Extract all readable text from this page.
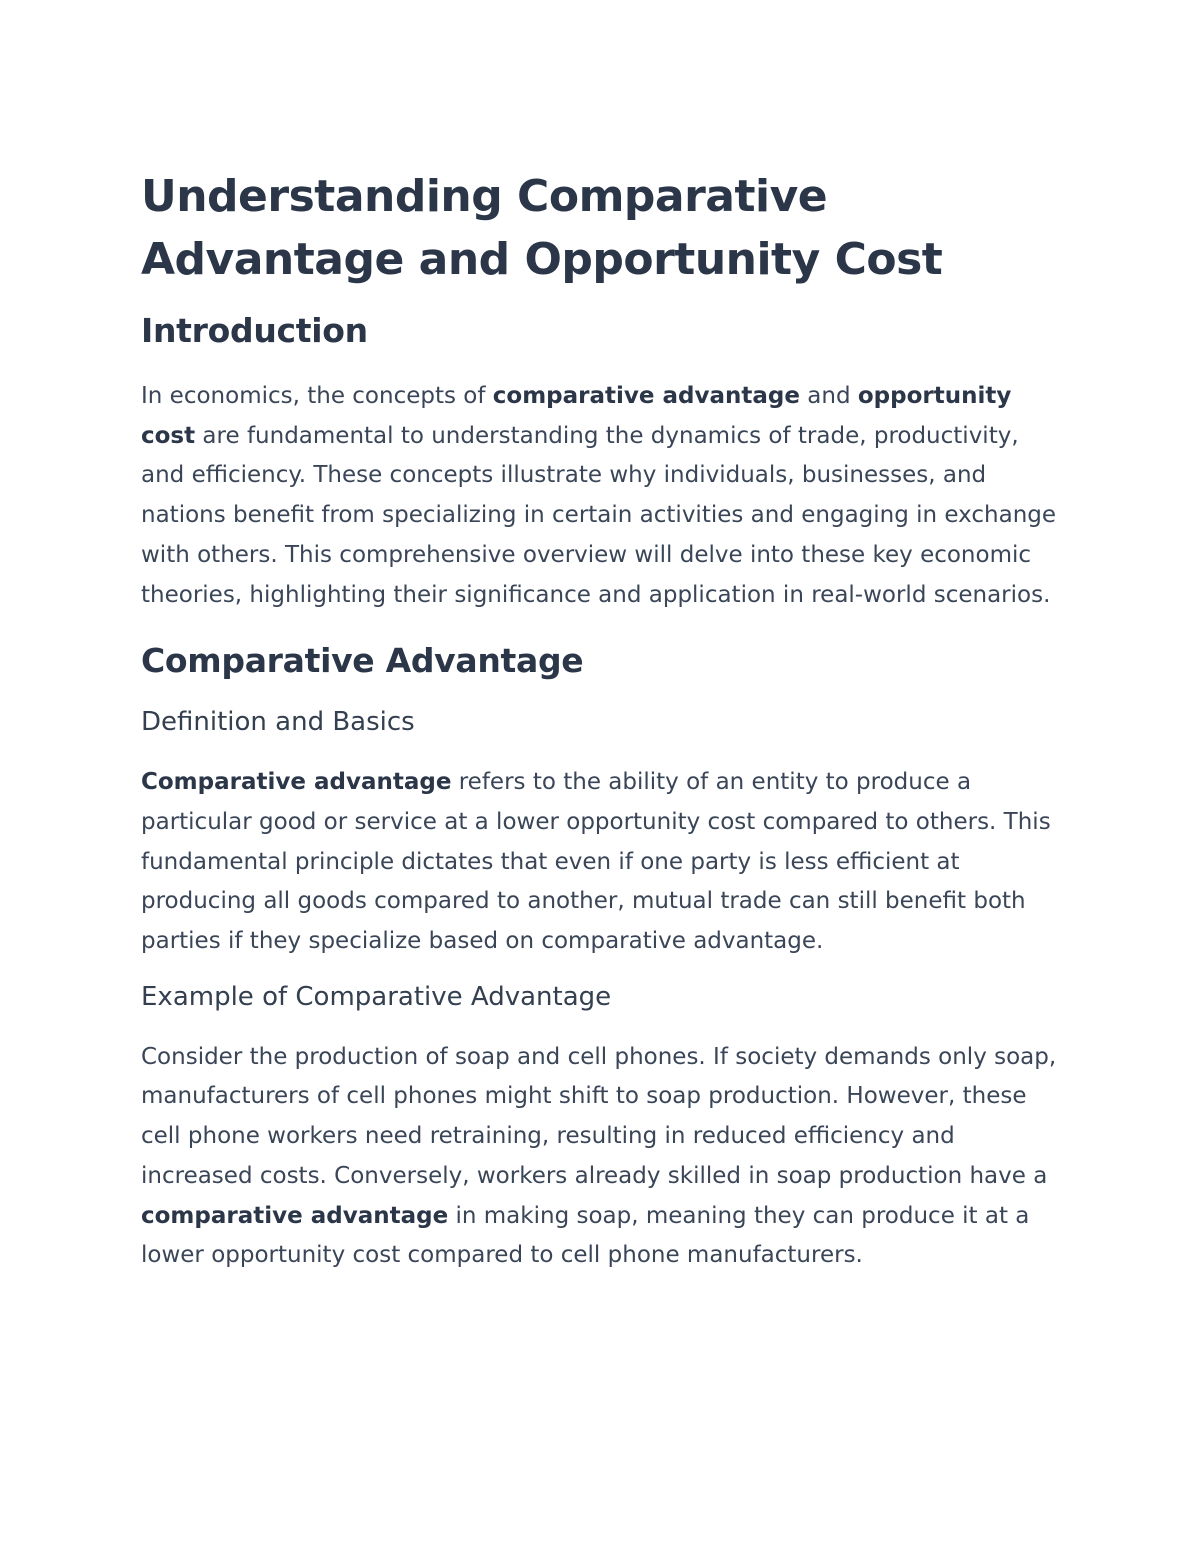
Understanding Comparative Advantage and Opportunity Cost
Introduction

In economics, the concepts of comparative advantage and opportunity cost are fundamental to understanding the dynamics of trade, productivity, and efficiency. These concepts illustrate why individuals, businesses, and nations benefit from specializing in certain activities and engaging in exchange with others. This comprehensive overview will delve into these key economic theories, highlighting their significance and application in real-world scenarios.

Comparative Advantage
Definition and Basics

Comparative advantage refers to the ability of an entity to produce a particular good or service at a lower opportunity cost compared to others. This fundamental principle dictates that even if one party is less efficient at producing all goods compared to another, mutual trade can still benefit both parties if they specialize based on comparative advantage.

Example of Comparative Advantage

Consider the production of soap and cell phones. If society demands only soap, manufacturers of cell phones might shift to soap production. However, these cell phone workers need retraining, resulting in reduced efficiency and increased costs. Conversely, workers already skilled in soap production have a comparative advantage in making soap, meaning they can produce it at a lower opportunity cost compared to cell phone manufacturers.
